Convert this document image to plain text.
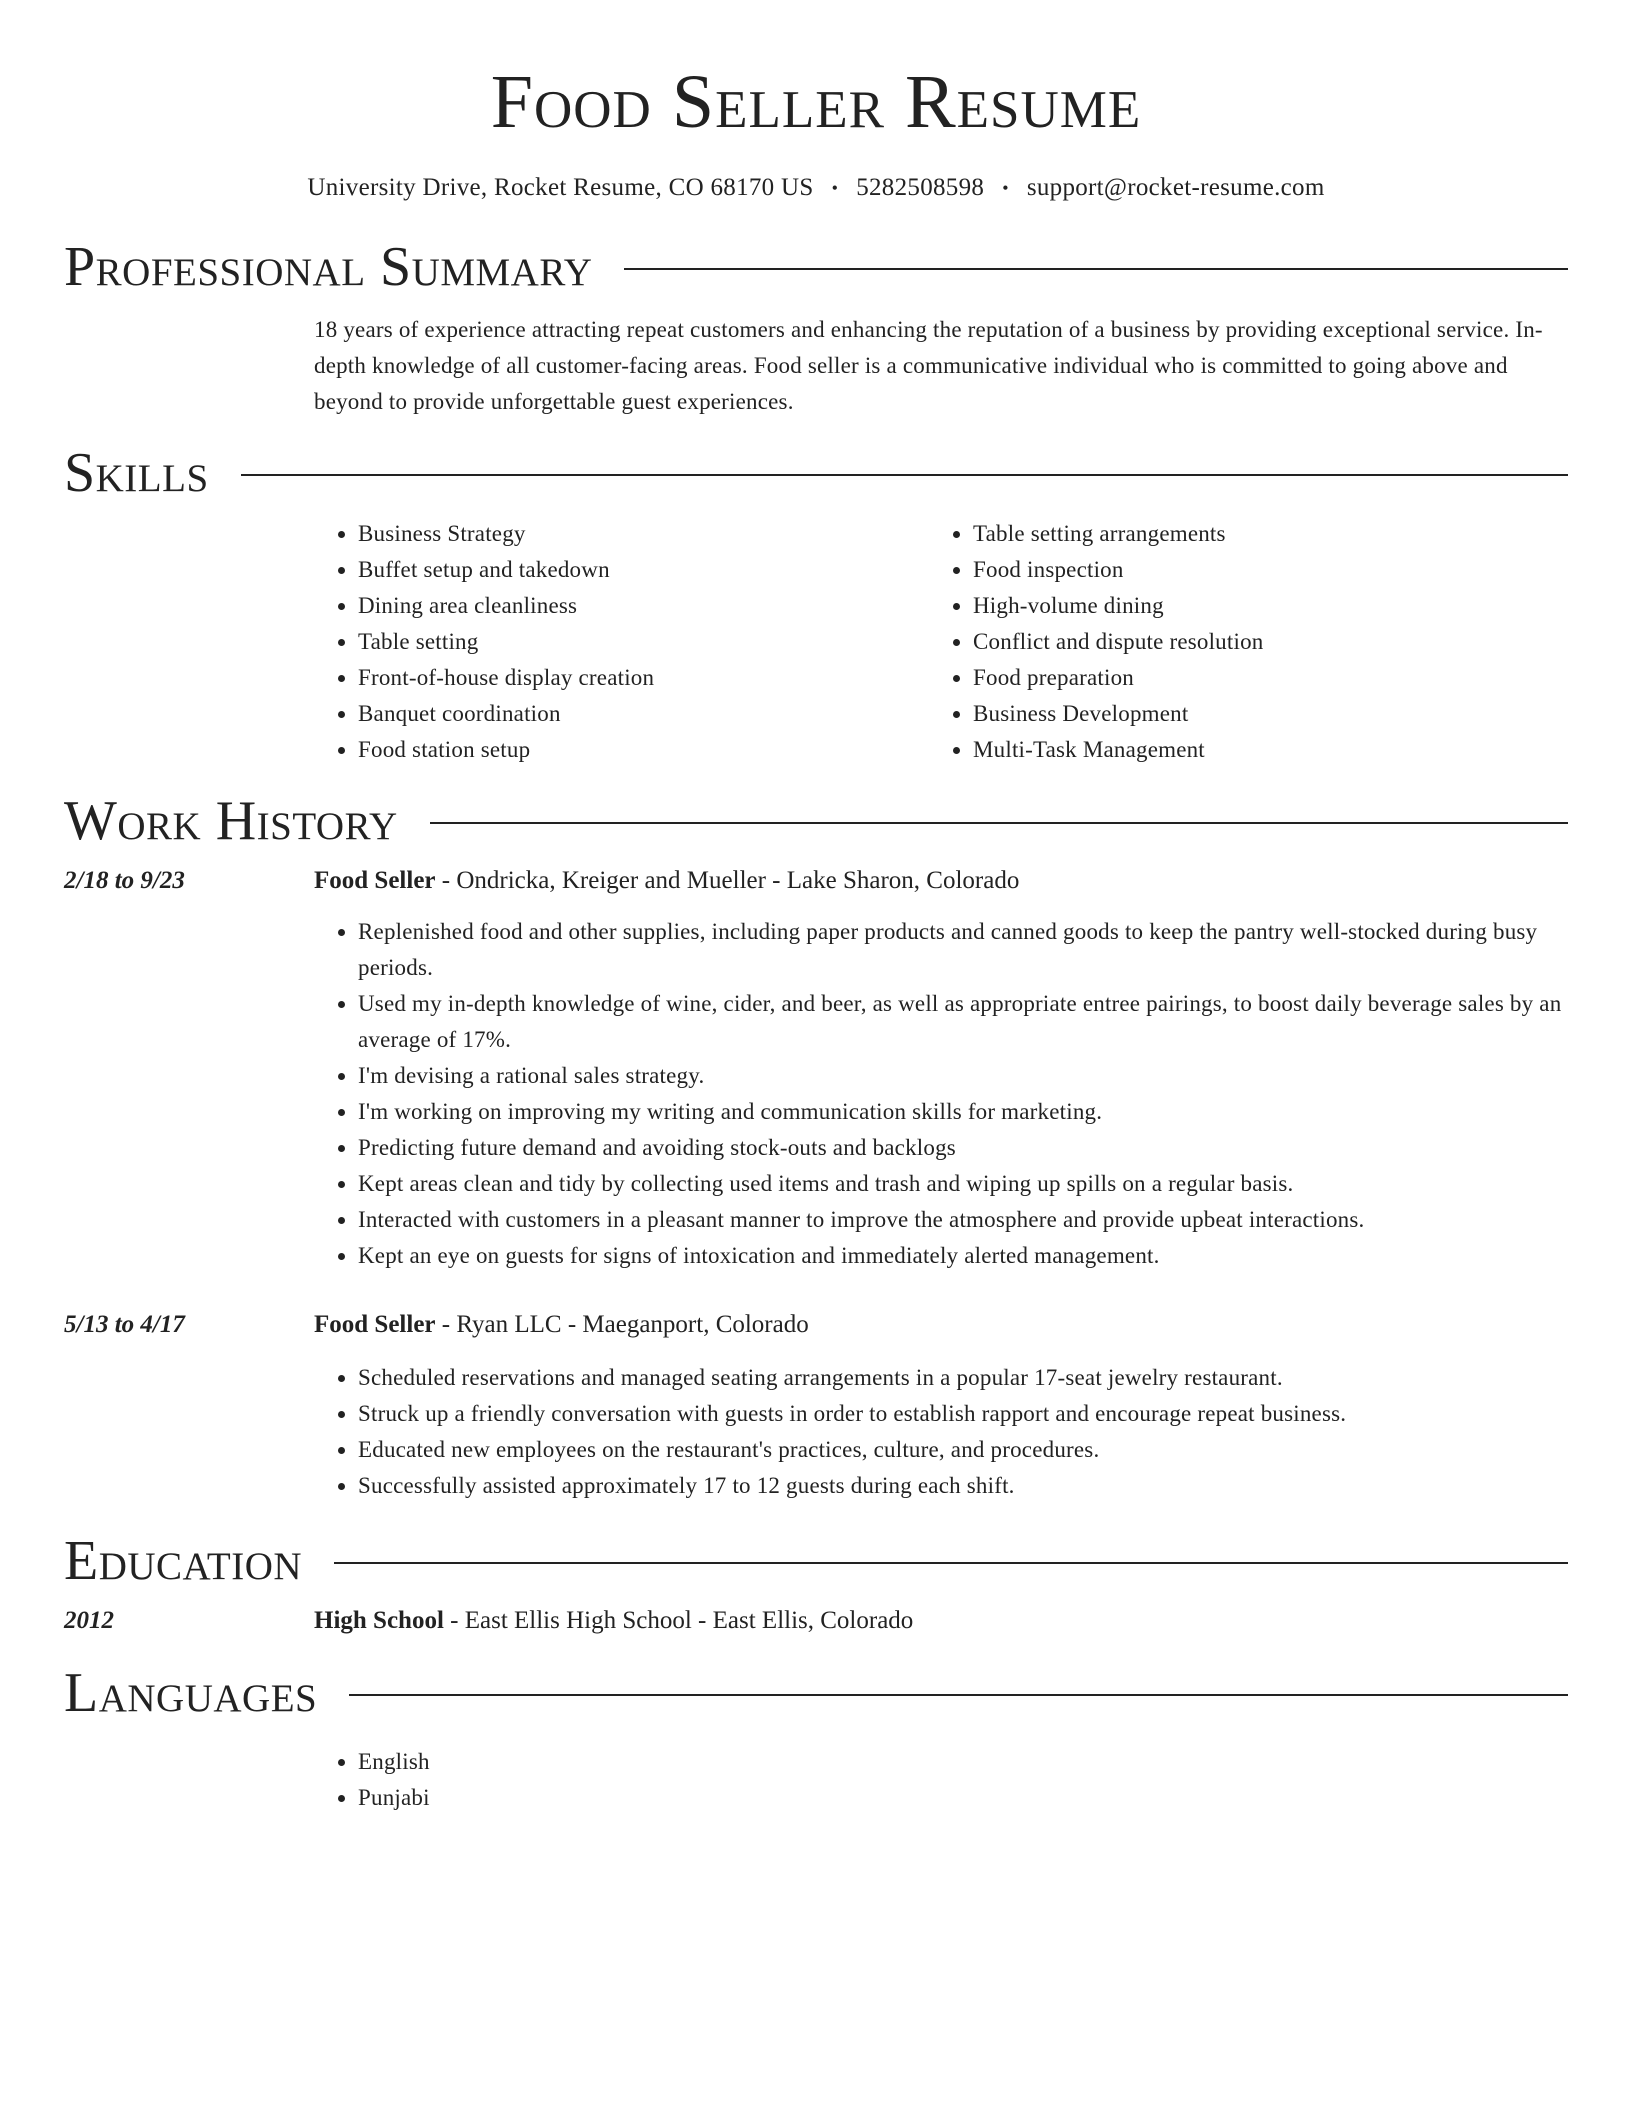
Food Seller Resume
University Drive, Rocket Resume, CO 68170 US • 5282508598 • support@rocket-resume.com
Professional Summary

18 years of experience attracting repeat customers and enhancing the reputation of a business by providing exceptional service. In-depth knowledge of all customer-facing areas. Food seller is a communicative individual who is committed to going above and beyond to provide unforgettable guest experiences.

Skills
• Business Strategy
• Buffet setup and takedown
• Dining area cleanliness
• Table setting
• Front-of-house display creation
• Banquet coordination
• Food station setup
• Table setting arrangements
• Food inspection
• High-volume dining
• Conflict and dispute resolution
• Food preparation
• Business Development
• Multi-Task Management
Work History
2/18 to 9/23	Food Seller - Ondricka, Kreiger and Mueller - Lake Sharon, Colorado
• Replenished food and other supplies, including paper products and canned goods to keep the pantry well-stocked during busy periods.
• Used my in-depth knowledge of wine, cider, and beer, as well as appropriate entree pairings, to boost daily beverage sales by an average of 17%.
• I'm devising a rational sales strategy.
• I'm working on improving my writing and communication skills for marketing.
• Predicting future demand and avoiding stock-outs and backlogs
• Kept areas clean and tidy by collecting used items and trash and wiping up spills on a regular basis.
• Interacted with customers in a pleasant manner to improve the atmosphere and provide upbeat interactions.
• Kept an eye on guests for signs of intoxication and immediately alerted management.
5/13 to 4/17	Food Seller - Ryan LLC - Maeganport, Colorado
• Scheduled reservations and managed seating arrangements in a popular 17-seat jewelry restaurant.
• Struck up a friendly conversation with guests in order to establish rapport and encourage repeat business.
• Educated new employees on the restaurant's practices, culture, and procedures.
• Successfully assisted approximately 17 to 12 guests during each shift.
Education
2012	High School - East Ellis High School - East Ellis, Colorado
Languages
• English
• Punjabi
